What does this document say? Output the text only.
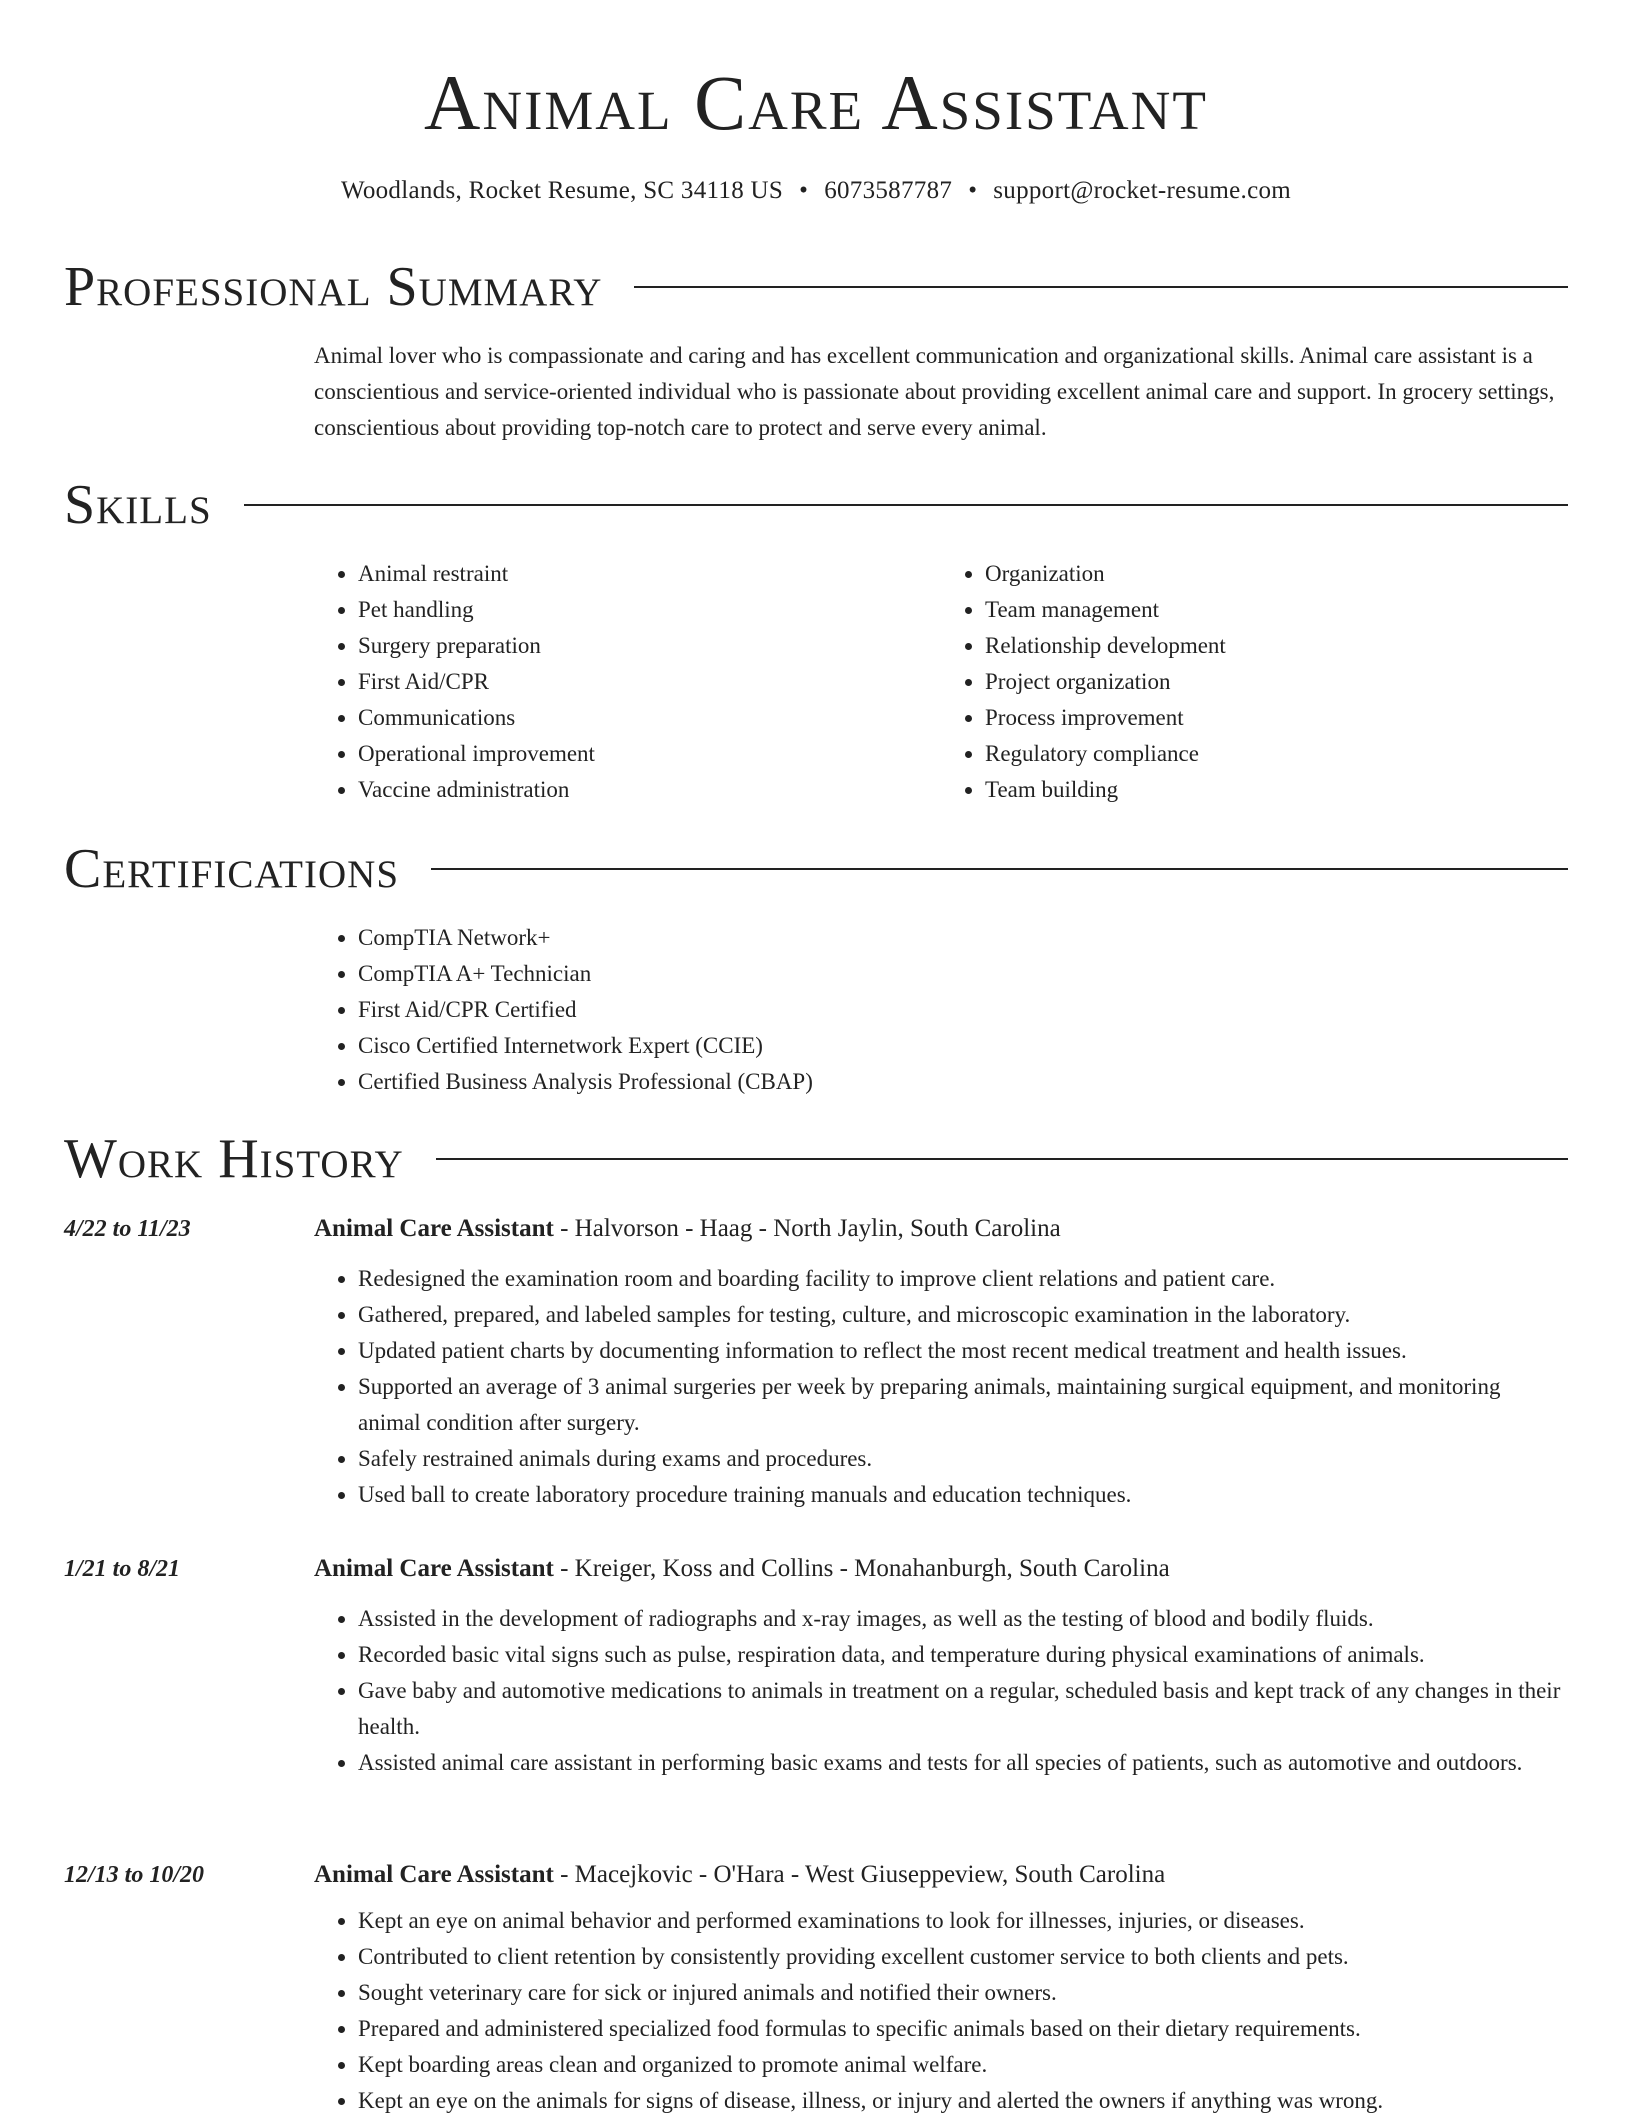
Animal Care Assistant
Woodlands, Rocket Resume, SC 34118 US • 6073587787 • support@rocket-resume.com
Professional Summary
Animal lover who is compassionate and caring and has excellent communication and organizational skills. Animal care assistant is a conscientious and service-oriented individual who is passionate about providing excellent animal care and support. In grocery settings, conscientious about providing top-notch care to protect and serve every animal.
Skills
• Animal restraint
• Pet handling
• Surgery preparation
• First Aid/CPR
• Communications
• Operational improvement
• Vaccine administration
• Organization
• Team management
• Relationship development
• Project organization
• Process improvement
• Regulatory compliance
• Team building
Certifications
• CompTIA Network+
• CompTIA A+ Technician
• First Aid/CPR Certified
• Cisco Certified Internetwork Expert (CCIE)
• Certified Business Analysis Professional (CBAP)
Work History
4/22 to 11/23	Animal Care Assistant - Halvorson - Haag - North Jaylin, South Carolina
• Redesigned the examination room and boarding facility to improve client relations and patient care.
• Gathered, prepared, and labeled samples for testing, culture, and microscopic examination in the laboratory.
• Updated patient charts by documenting information to reflect the most recent medical treatment and health issues.
• Supported an average of 3 animal surgeries per week by preparing animals, maintaining surgical equipment, and monitoring animal condition after surgery.
• Safely restrained animals during exams and procedures.
• Used ball to create laboratory procedure training manuals and education techniques.
1/21 to 8/21	Animal Care Assistant - Kreiger, Koss and Collins - Monahanburgh, South Carolina
• Assisted in the development of radiographs and x-ray images, as well as the testing of blood and bodily fluids.
• Recorded basic vital signs such as pulse, respiration data, and temperature during physical examinations of animals.
• Gave baby and automotive medications to animals in treatment on a regular, scheduled basis and kept track of any changes in their health.
• Assisted animal care assistant in performing basic exams and tests for all species of patients, such as automotive and outdoors.
12/13 to 10/20	Animal Care Assistant - Macejkovic - O'Hara - West Giuseppeview, South Carolina
• Kept an eye on animal behavior and performed examinations to look for illnesses, injuries, or diseases.
• Contributed to client retention by consistently providing excellent customer service to both clients and pets.
• Sought veterinary care for sick or injured animals and notified their owners.
• Prepared and administered specialized food formulas to specific animals based on their dietary requirements.
• Kept boarding areas clean and organized to promote animal welfare.
• Kept an eye on the animals for signs of disease, illness, or injury and alerted the owners if anything was wrong.
